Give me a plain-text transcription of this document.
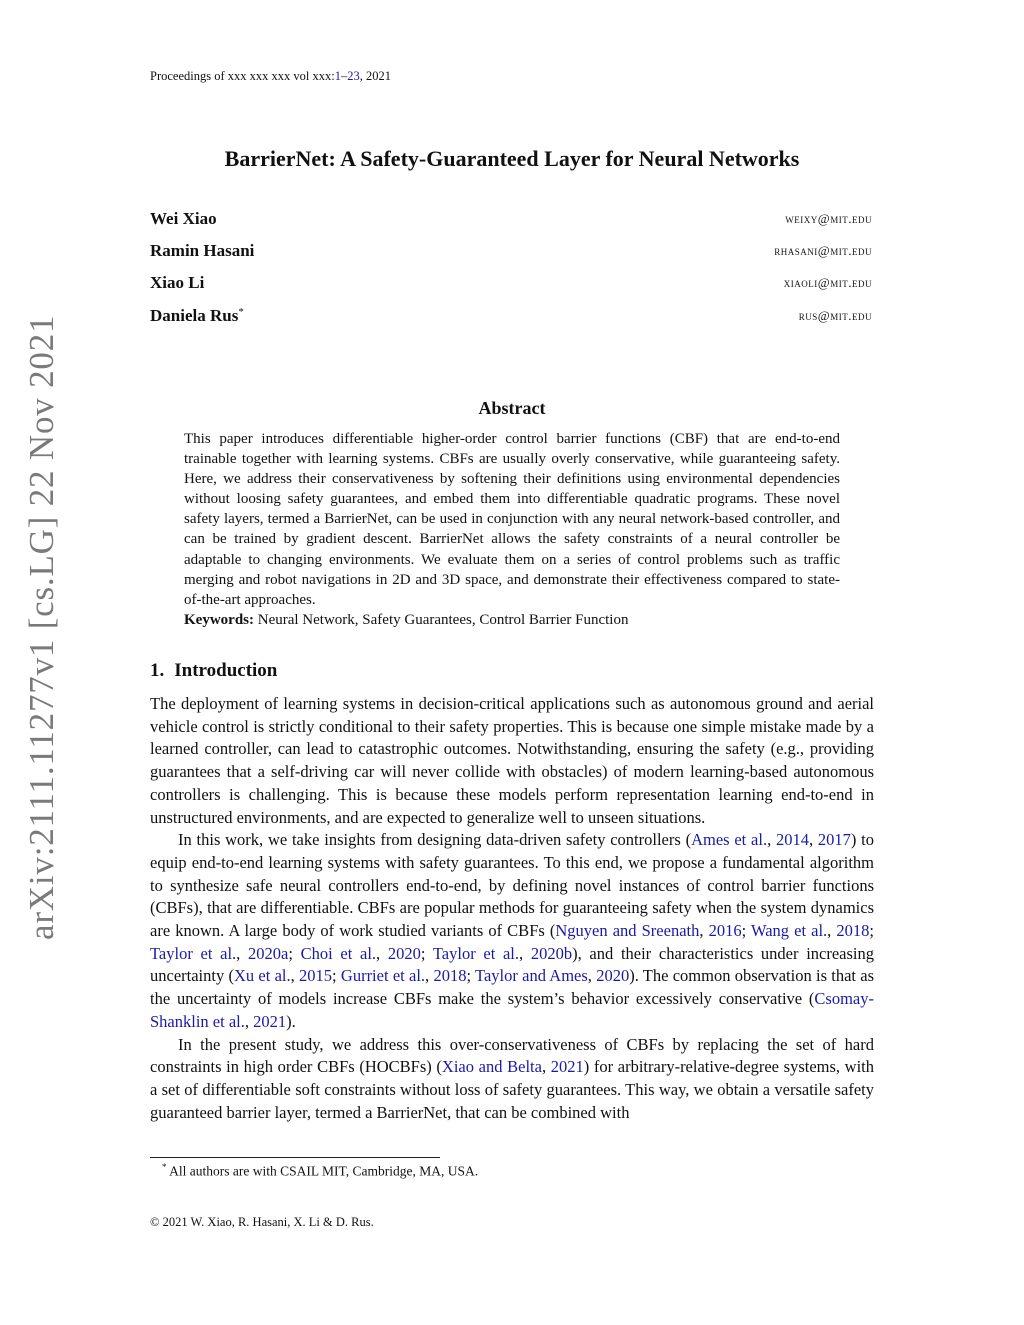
Proceedings of xxx xxx xxx vol xxx:1–23, 2021
arXiv:2111.11277v1 [cs.LG] 22 Nov 2021
BarrierNet: A Safety-Guaranteed Layer for Neural Networks
Wei Xiao	weixy@mit.edu
Ramin Hasani	rhasani@mit.edu
Xiao Li	xiaoli@mit.edu
Daniela Rus*	rus@mit.edu
Abstract

This paper introduces differentiable higher-order control barrier functions (CBF) that are end-to-end trainable together with learning systems. CBFs are usually overly conservative, while guaranteeing safety. Here, we address their conservativeness by softening their definitions using environmental dependencies without loosing safety guarantees, and embed them into differentiable quadratic programs. These novel safety layers, termed a BarrierNet, can be used in conjunction with any neural network-based controller, and can be trained by gradient descent. BarrierNet allows the safety constraints of a neural controller be adaptable to changing environments. We evaluate them on a series of control problems such as traffic merging and robot navigations in 2D and 3D space, and demonstrate their effectiveness compared to state-of-the-art approaches.

Keywords: Neural Network, Safety Guarantees, Control Barrier Function

1. Introduction

The deployment of learning systems in decision-critical applications such as autonomous ground and aerial vehicle control is strictly conditional to their safety properties. This is because one simple mistake made by a learned controller, can lead to catastrophic outcomes. Notwithstanding, ensuring the safety (e.g., providing guarantees that a self-driving car will never collide with obstacles) of modern learning-based autonomous controllers is challenging. This is because these models perform representation learning end-to-end in unstructured environments, and are expected to generalize well to unseen situations.

In this work, we take insights from designing data-driven safety controllers (Ames et al., 2014, 2017) to equip end-to-end learning systems with safety guarantees. To this end, we propose a fundamental algorithm to synthesize safe neural controllers end-to-end, by defining novel instances of control barrier functions (CBFs), that are differentiable. CBFs are popular methods for guaranteeing safety when the system dynamics are known. A large body of work studied variants of CBFs (Nguyen and Sreenath, 2016; Wang et al., 2018; Taylor et al., 2020a; Choi et al., 2020; Taylor et al., 2020b), and their characteristics under increasing uncertainty (Xu et al., 2015; Gurriet et al., 2018; Taylor and Ames, 2020). The common observation is that as the uncertainty of models increase CBFs make the system’s behavior excessively conservative (Csomay-Shanklin et al., 2021).

In the present study, we address this over-conservativeness of CBFs by replacing the set of hard constraints in high order CBFs (HOCBFs) (Xiao and Belta, 2021) for arbitrary-relative-degree systems, with a set of differentiable soft constraints without loss of safety guarantees. This way, we obtain a versatile safety guaranteed barrier layer, termed a BarrierNet, that can be combined with

* All authors are with CSAIL MIT, Cambridge, MA, USA.
© 2021 W. Xiao, R. Hasani, X. Li & D. Rus.
